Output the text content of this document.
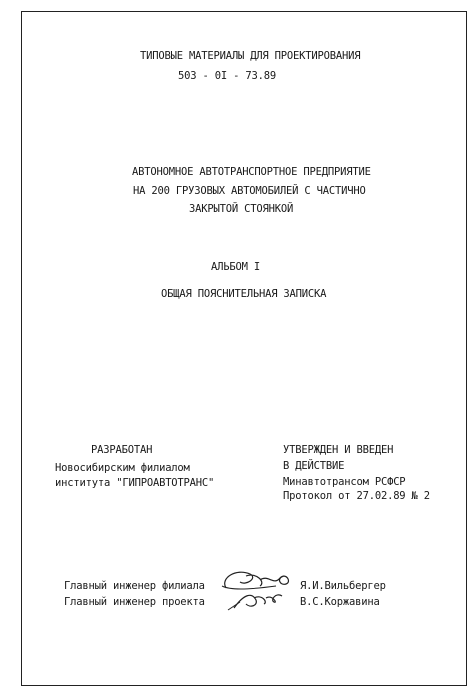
ТИПОВЫЕ МАТЕРИАЛЫ ДЛЯ ПРОЕКТИРОВАНИЯ
503 - 0I - 73.89
АВТОНОМНОЕ АВТОТРАНСПОРТНОЕ ПРЕДПРИЯТИЕ
НА 200 ГРУЗОВЫХ АВТОМОБИЛЕЙ С ЧАСТИЧНО
ЗАКРЫТОЙ СТОЯНКОЙ
АЛЬБОМ I
ОБЩАЯ ПОЯСНИТЕЛЬНАЯ ЗАПИСКА
РАЗРАБОТАН
Новосибирским филиалом
института "ГИПРОАВТОТРАНС"
УТВЕРЖДЕН И ВВЕДЕН
В ДЕЙСТВИЕ
Минавтотрансом РСФСР
Протокол от 27.02.89 № 2
Главный инженер филиала
Главный инженер проекта
Я.И.Вильбергер
В.С.Коржавина
